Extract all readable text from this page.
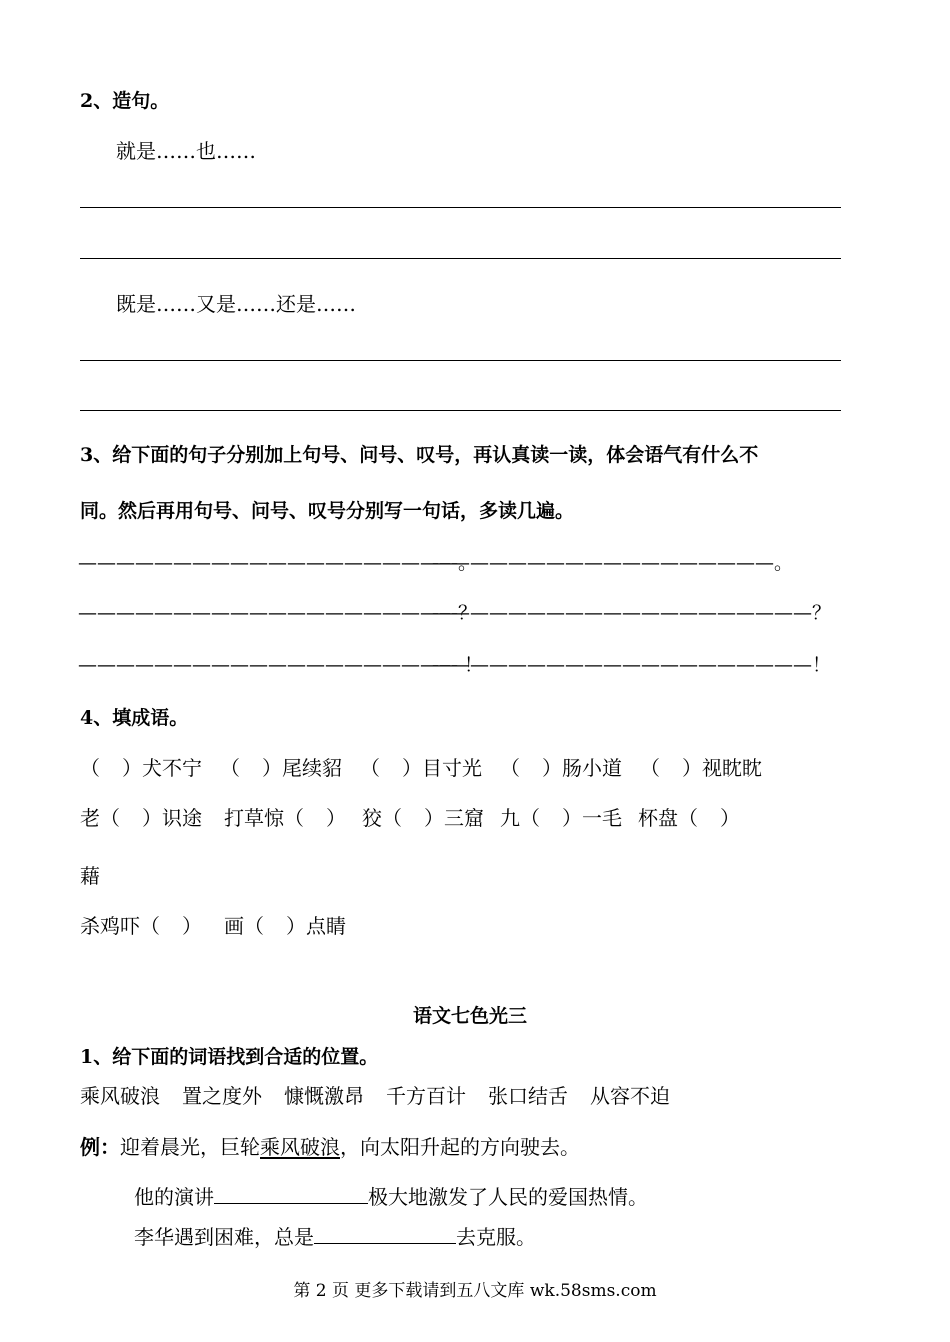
2、造句。
就是……也……
既是……又是……还是……
3、给下面的句子分别加上句号、问号、叹号，再认真读一读，体会语气有什么不
同。然后再用句号、问号、叹号分别写一句话，多读几遍。
————————————————————。
——————————————————。
————————————————————？
————————————————————？
———————————————————— ！
————————————————————！
4、填成语。
（ ）犬不宁 （ ）尾续貂 （ ）目寸光 （ ）肠小道 （ ）视眈眈
老（ ）识途 打草惊（ ） 狡（ ）三窟 九（ ）一毛 杯盘（ ）
藉
杀鸡吓（ ） 画（ ）点睛
语文七色光三
1、给下面的词语找到合适的位置。
乘风破浪 置之度外 慷慨激昂 千方百计 张口结舌 从容不迫
例：迎着晨光，巨轮乘风破浪，向太阳升起的方向驶去。
他的演讲	极大地激发了人民的爱国热情。
李华遇到困难，总是	去克服。
第 2 页 更多下载请到五八文库 wk.58sms.com
